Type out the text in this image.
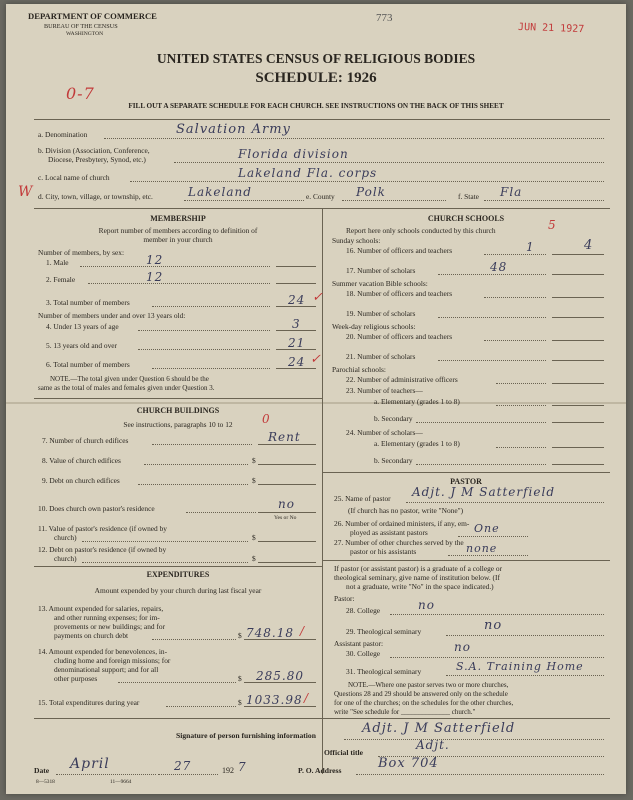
DEPARTMENT OF COMMERCE
BUREAU OF THE CENSUS
WASHINGTON
773
JUN 21 1927
UNITED STATES CENSUS OF RELIGIOUS BODIES
SCHEDULE: 1926
0-7
FILL OUT A SEPARATE SCHEDULE FOR EACH CHURCH. SEE INSTRUCTIONS ON THE BACK OF THIS SHEET
a. Denomination	Salvation Army
b. Division (Association, Conference,
Diocese, Presbytery, Synod, etc.)	Florida division
c. Local name of church	Lakeland Fla. corps
W d. City, town, village, or township, etc.	Lakeland	e. County Polk	f. State Fla
MEMBERSHIP
Report number of members according to definition of
member in your church
Number of members, by sex:
1. Male	12
2. Female	12
3. Total number of members	24 ✓
Number of members under and over 13 years old:
4. Under 13 years of age	3
5. 13 years old and over	21
6. Total number of members	24 ✓
NOTE.—The total given under Question 6 should be the
same as the total of males and females given under Question 3.
CHURCH BUILDINGS
See instructions, paragraphs 10 to 12	0
7. Number of church edifices	Rent
8. Value of church edifices	$
9. Debt on church edifices	$
10. Does church own pastor's residence	no
Yes or No
11. Value of pastor's residence (if owned by
church)	$
12. Debt on pastor's residence (if owned by
church)	$
EXPENDITURES
Amount expended by your church during last fiscal year
13. Amount expended for salaries, repairs,
and other running expenses; for im-
provements or new buildings; and for
payments on church debt	$ 748.18 /
14. Amount expended for benevolences, in-
cluding home and foreign missions; for
denominational support; and for all
other purposes	$ 285.80
15. Total expenditures during year	$ 1033.98 /
CHURCH SCHOOLS
Report here only schools conducted by this church	5
Sunday schools:
16. Number of officers and teachers	1	4
17. Number of scholars	48
Summer vacation Bible schools:
18. Number of officers and teachers
19. Number of scholars
Week-day religious schools:
20. Number of officers and teachers
21. Number of scholars
Parochial schools:
22. Number of administrative officers
23. Number of teachers—
a. Elementary (grades 1 to 8)
b. Secondary
24. Number of scholars—
a. Elementary (grades 1 to 8)
b. Secondary
PASTOR
25. Name of pastor Adjt. J M Satterfield
(If church has no pastor, write "None")
26. Number of ordained ministers, if any, em-
ployed as assistant pastors	One
27. Number of other churches served by the
pastor or his assistants	none
If pastor (or assistant pastor) is a graduate of a college or
theological seminary, give name of institution below. (If
not a graduate, write "No" in the space indicated.)
Pastor:
28. College	no
29. Theological seminary	no
Assistant pastor:
30. College	no
31. Theological seminary	S.A. Training Home
NOTE.—Where one pastor serves two or more churches,
Questions 28 and 29 should be answered only on the schedule
for one of the churches; on the schedules for the other churches,
write "See schedule for ______________ church."
Signature of person furnishing information	Adjt. J M Satterfield
Official title
Adjt.
Date April	27	192 7	P. O. Address	Box 704
8—5318	11—9664
